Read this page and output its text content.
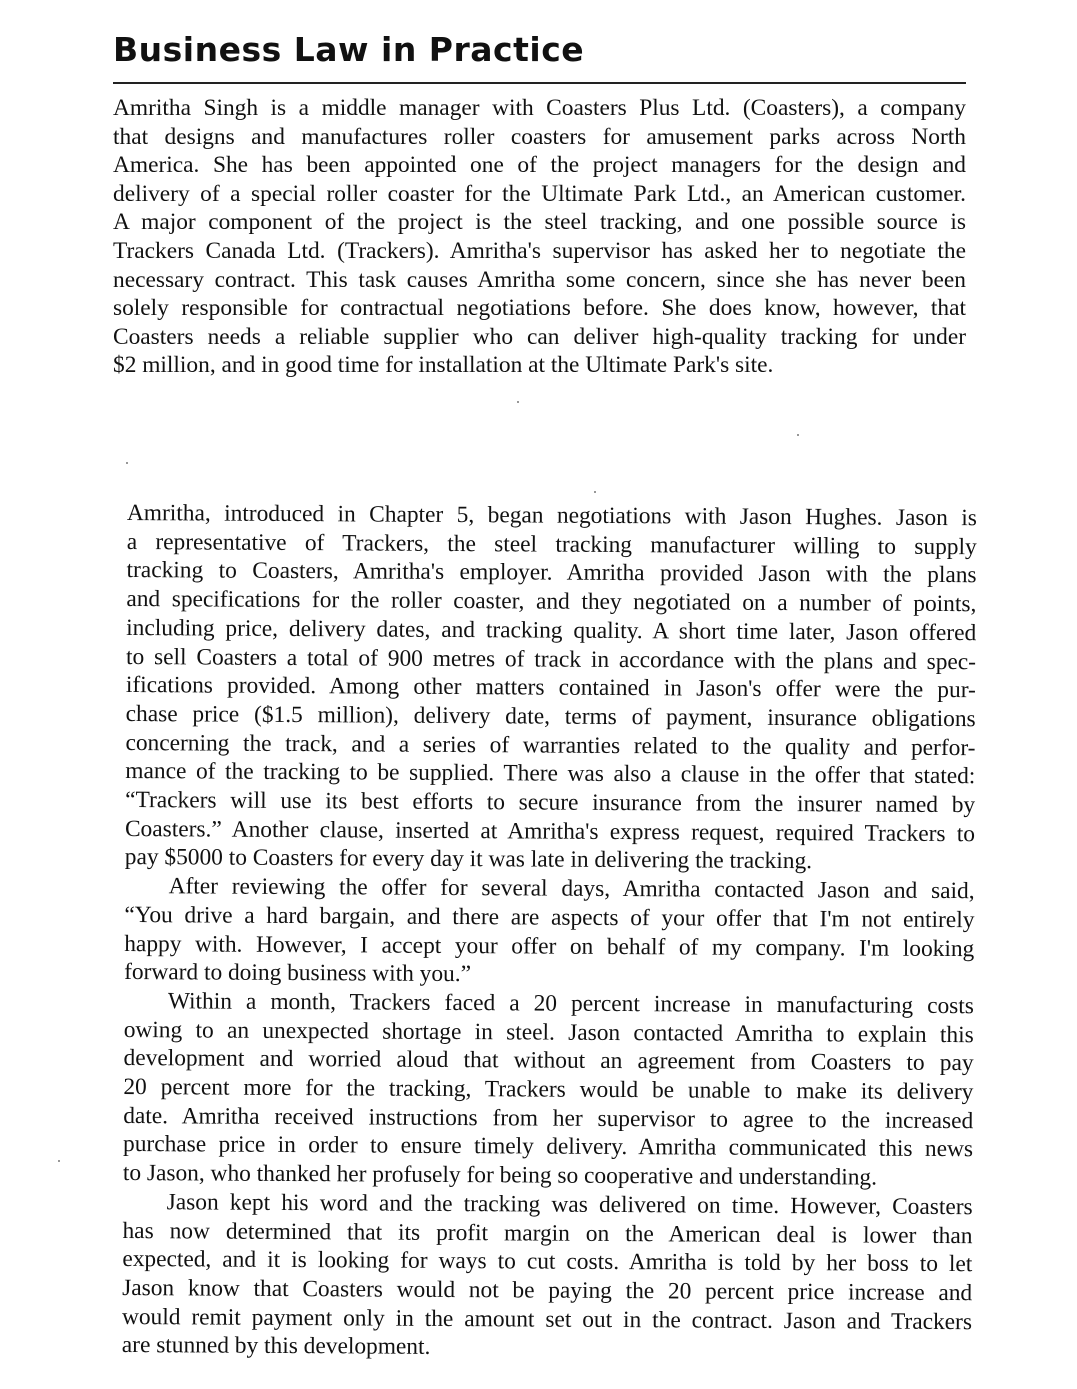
Business Law in Practice
Amritha Singh is a middle manager with Coasters Plus Ltd. (Coasters), a company
that designs and manufactures roller coasters for amusement parks across North
America. She has been appointed one of the project managers for the design and
delivery of a special roller coaster for the Ultimate Park Ltd., an American customer.
A major component of the project is the steel tracking, and one possible source is
Trackers Canada Ltd. (Trackers). Amritha's supervisor has asked her to negotiate the
necessary contract. This task causes Amritha some concern, since she has never been
solely responsible for contractual negotiations before. She does know, however, that
Coasters needs a reliable supplier who can deliver high-quality tracking for under
$2 million, and in good time for installation at the Ultimate Park's site.

Amritha, introduced in Chapter 5, began negotiations with Jason Hughes. Jason is
a representative of Trackers, the steel tracking manufacturer willing to supply
tracking to Coasters, Amritha's employer. Amritha provided Jason with the plans
and specifications for the roller coaster, and they negotiated on a number of points,
including price, delivery dates, and tracking quality. A short time later, Jason offered
to sell Coasters a total of 900 metres of track in accordance with the plans and spec-
ifications provided. Among other matters contained in Jason's offer were the pur-
chase price ($1.5 million), delivery date, terms of payment, insurance obligations
concerning the track, and a series of warranties related to the quality and perfor-
mance of the tracking to be supplied. There was also a clause in the offer that stated:
“Trackers will use its best efforts to secure insurance from the insurer named by
Coasters.” Another clause, inserted at Amritha's express request, required Trackers to
pay $5000 to Coasters for every day it was late in delivering the tracking.

After reviewing the offer for several days, Amritha contacted Jason and said,
“You drive a hard bargain, and there are aspects of your offer that I'm not entirely
happy with. However, I accept your offer on behalf of my company. I'm looking
forward to doing business with you.”

Within a month, Trackers faced a 20 percent increase in manufacturing costs
owing to an unexpected shortage in steel. Jason contacted Amritha to explain this
development and worried aloud that without an agreement from Coasters to pay
20 percent more for the tracking, Trackers would be unable to make its delivery
date. Amritha received instructions from her supervisor to agree to the increased
purchase price in order to ensure timely delivery. Amritha communicated this news
to Jason, who thanked her profusely for being so cooperative and understanding.

Jason kept his word and the tracking was delivered on time. However, Coasters
has now determined that its profit margin on the American deal is lower than
expected, and it is looking for ways to cut costs. Amritha is told by her boss to let
Jason know that Coasters would not be paying the 20 percent price increase and
would remit payment only in the amount set out in the contract. Jason and Trackers
are stunned by this development.
